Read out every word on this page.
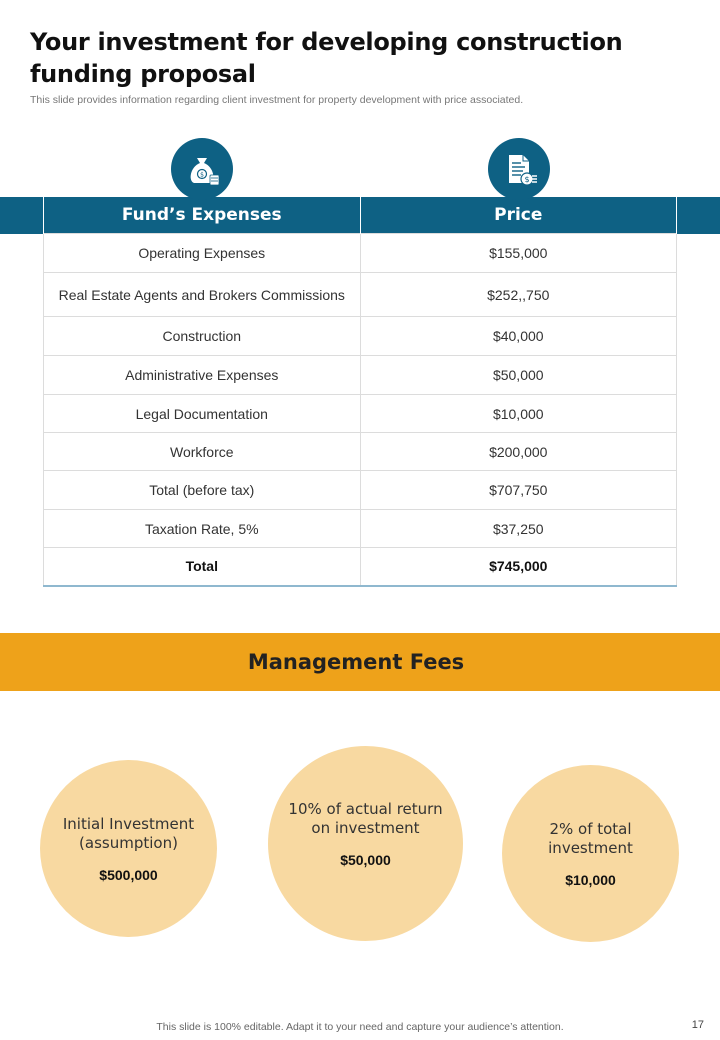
Your investment for developing construction funding proposal
This slide provides information regarding client investment for property development with price associated.
$	$
Fund’s Expenses	Price
Operating Expenses	$155,000
Real Estate Agents and Brokers Commissions	$252,,750
Construction	$40,000
Administrative Expenses	$50,000
Legal Documentation	$10,000
Workforce	$200,000
Total (before tax)	$707,750
Taxation Rate, 5%	$37,250
Total	$745,000
Management Fees
Initial Investment (assumption)
$500,000
10% of actual return on investment
$50,000
2% of total investment
$10,000
This slide is 100% editable. Adapt it to your need and capture your audience’s attention.	17
